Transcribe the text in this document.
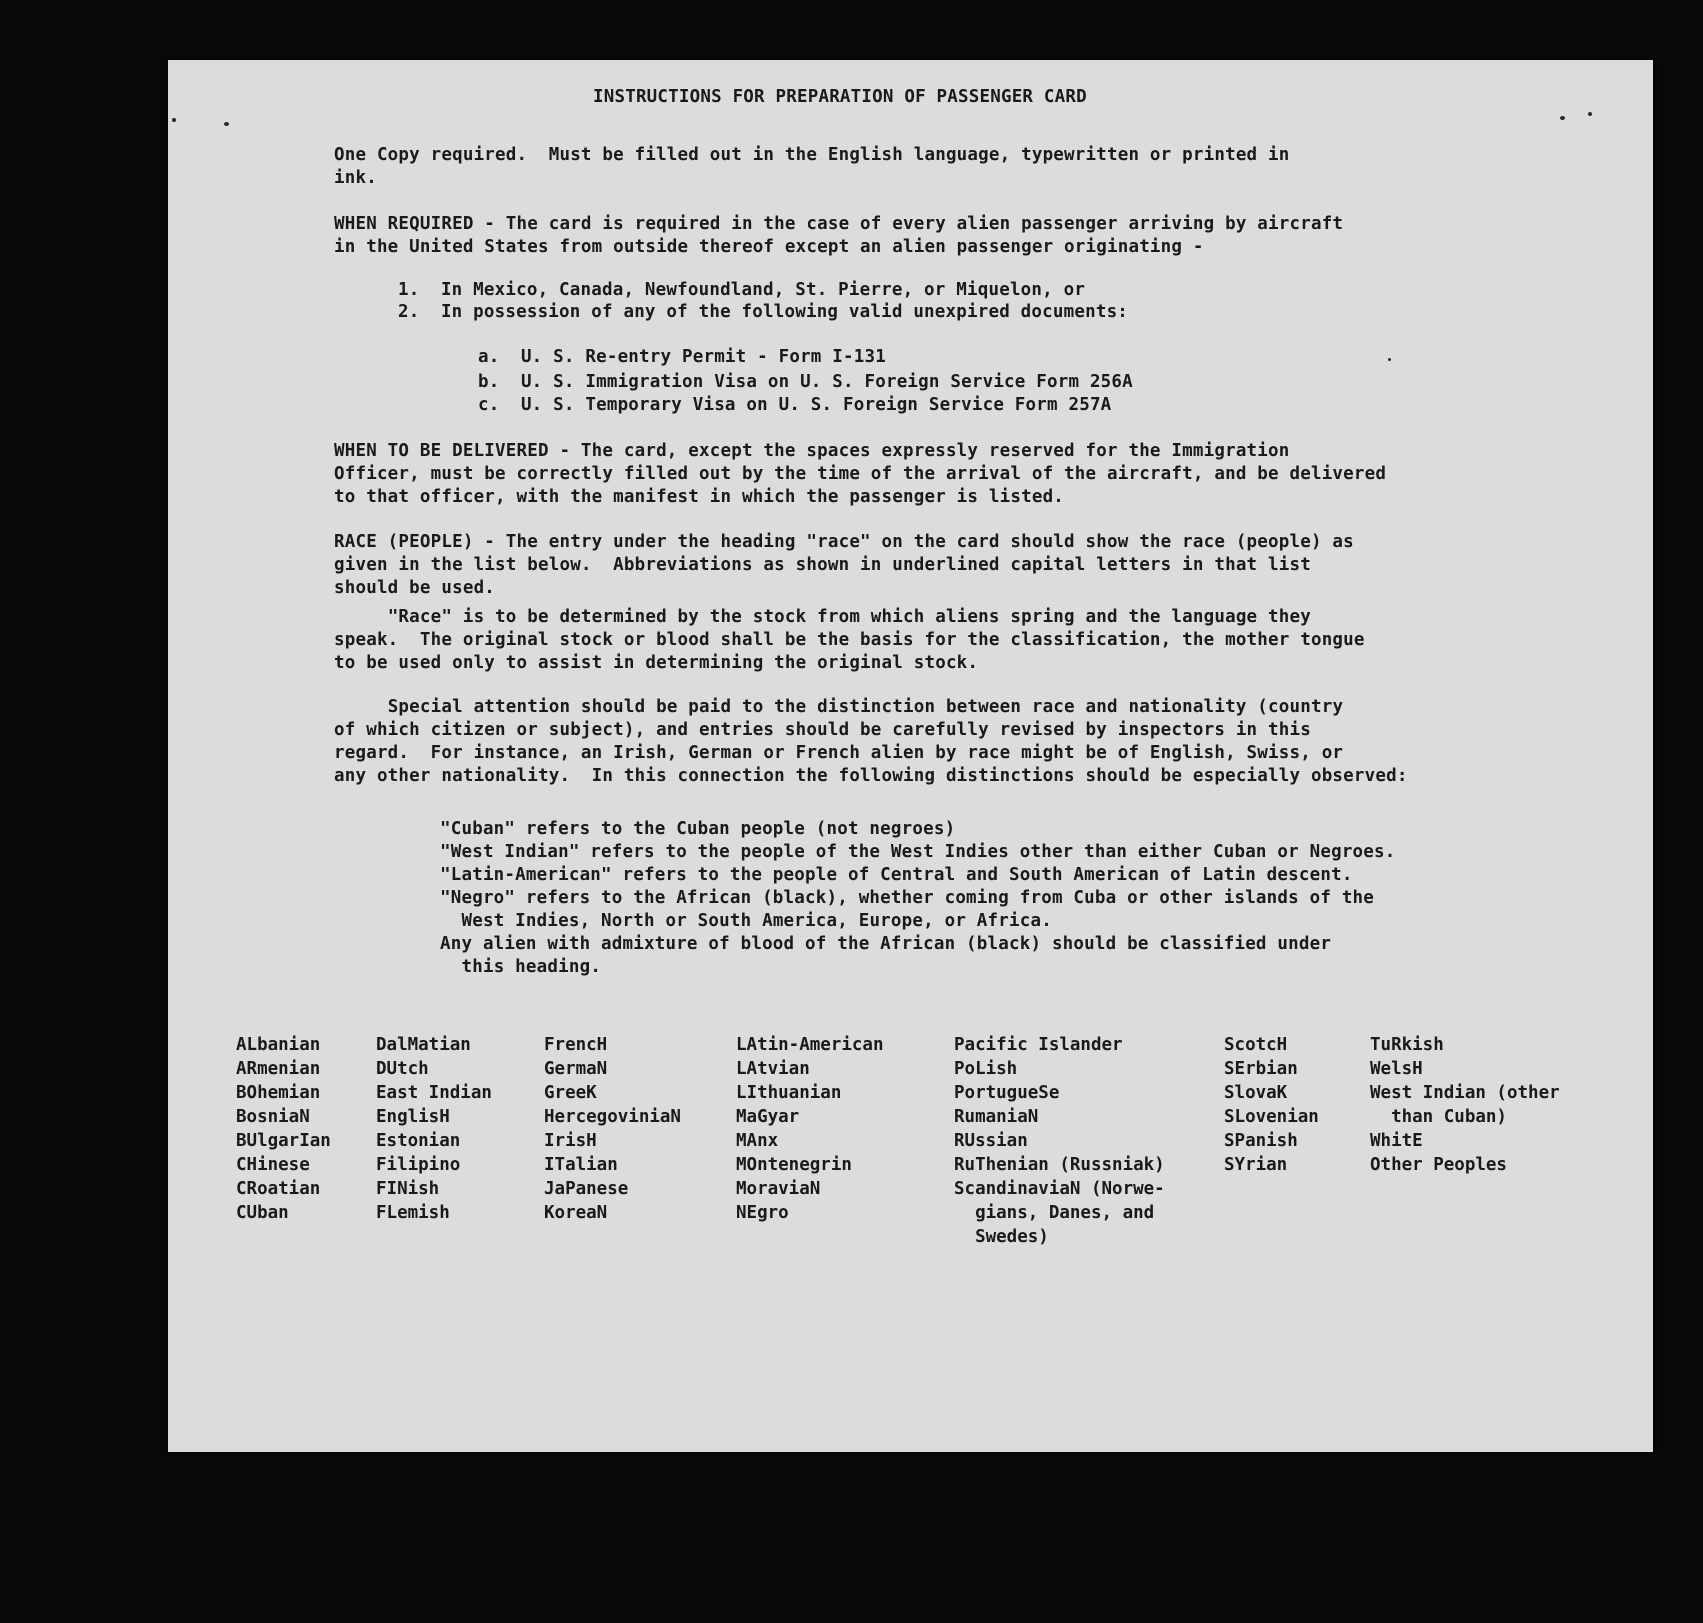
INSTRUCTIONS FOR PREPARATION OF PASSENGER CARD

One Copy required.  Must be filled out in the English language, typewritten or printed in
ink.

WHEN REQUIRED - The card is required in the case of every alien passenger arriving by aircraft
in the United States from outside thereof except an alien passenger originating -

1.  In Mexico, Canada, Newfoundland, St. Pierre, or Miquelon, or

2.  In possession of any of the following valid unexpired documents:

a.  U. S. Re-entry Permit - Form I-131

b.  U. S. Immigration Visa on U. S. Foreign Service Form 256A

c.  U. S. Temporary Visa on U. S. Foreign Service Form 257A

WHEN TO BE DELIVERED - The card, except the spaces expressly reserved for the Immigration
Officer, must be correctly filled out by the time of the arrival of the aircraft, and be delivered
to that officer, with the manifest in which the passenger is listed.

RACE (PEOPLE) - The entry under the heading "race" on the card should show the race (people) as
given in the list below.  Abbreviations as shown in underlined capital letters in that list
should be used.

"Race" is to be determined by the stock from which aliens spring and the language they
speak.  The original stock or blood shall be the basis for the classification, the mother tongue
to be used only to assist in determining the original stock.

Special attention should be paid to the distinction between race and nationality (country
of which citizen or subject), and entries should be carefully revised by inspectors in this
regard.  For instance, an Irish, German or French alien by race might be of English, Swiss, or
any other nationality.  In this connection the following distinctions should be especially observed:

"Cuban" refers to the Cuban people (not negroes)

"West Indian" refers to the people of the West Indies other than either Cuban or Negroes.

"Latin-American" refers to the people of Central and South American of Latin descent.

"Negro" refers to the African (black), whether coming from Cuba or other islands of the
West Indies, North or South America, Europe, or Africa.

Any alien with admixture of blood of the African (black) should be classified under
this heading.

ALbanian
ARmenian
BOhemian
BosniaN
BUlgarIan
CHinese
CRoatian
CUban
DalMatian
DUtch
East Indian
EnglisH
Estonian
Filipino
FINish
FLemish
FrencH
GermaN
GreeK
HercegovinіaN
IrisH
ITalian
JaPanese
KoreaN
LAtin-American
LAtvian
LIthuanian
MaGyar
MAnx
MOntenegrin
MoraviaN
NEgro
Pacific Islander
PoLish
PortugueSe
RumaniaN
RUssian
RuThenian (Russniak)
ScandinaviaN (Norwe-
gians, Danes, and
Swedes)
ScotcH
SErbian
SlovaK
SLovenian
SPanish
SYrian
TuRkish
WelsH
West Indian (other
than Cuban)
WhitE
Other Peoples
